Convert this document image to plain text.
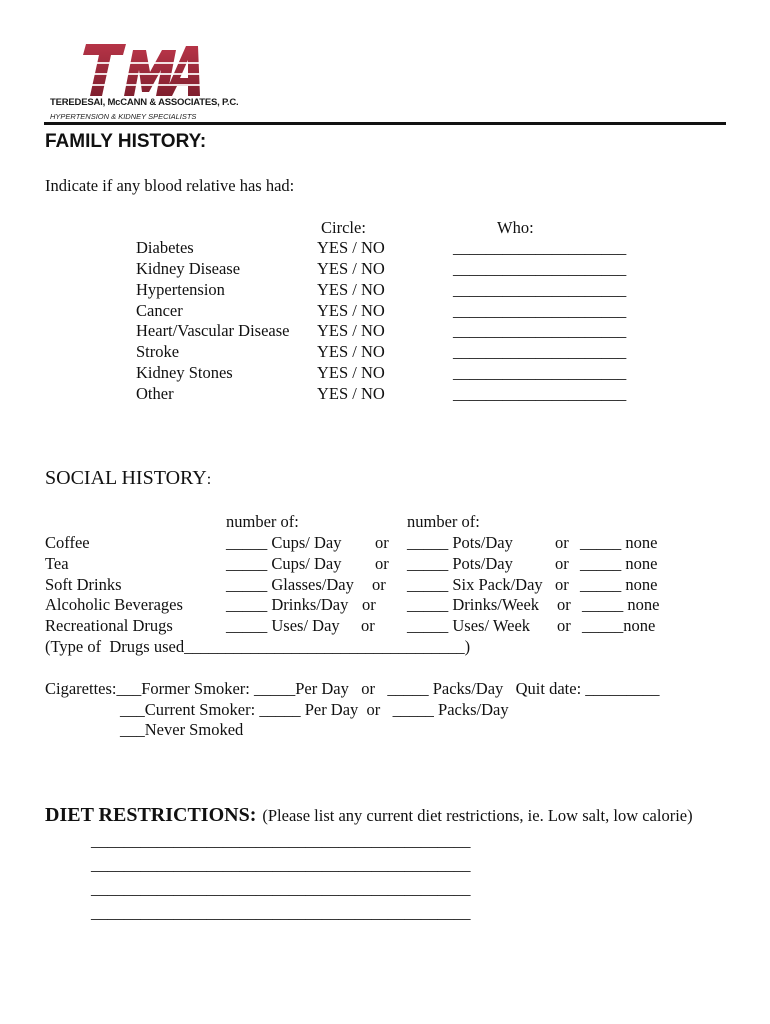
TEREDESAI, McCANN & ASSOCIATES, P.C.
HYPERTENSION & KIDNEY SPECIALISTS
FAMILY HISTORY:
Indicate if any blood relative has had:
Circle:	Who:
Diabetes	YES / NO	_____________________
Kidney Disease	YES / NO	_____________________
Hypertension	YES / NO	_____________________
Cancer	YES / NO	_____________________
Heart/Vascular Disease YES / NO	_____________________
Stroke	YES / NO	_____________________
Kidney Stones	YES / NO	_____________________
Other	YES / NO	_____________________
SOCIAL HISTORY:
number of:	number of:
Coffee	_____ Cups/ Day or _____ Pots/Day	or _____ none
Tea	_____ Cups/ Day or _____ Pots/Day	or _____ none
Soft Drinks	_____ Glasses/Day or _____ Six Pack/Day or _____ none
Alcoholic Beverages	_____ Drinks/Day or _____ Drinks/Week or _____ none
Recreational Drugs	_____ Uses/ Day or _____ Uses/ Week or _____none
(Type of  Drugs used__________________________________)
Cigarettes:___Former Smoker: _____Per Day   or   _____ Packs/Day   Quit date: _________
___Current Smoker: _____ Per Day  or   _____ Packs/Day
___Never Smoked
DIET RESTRICTIONS: (Please list any current diet restrictions, ie. Low salt, low calorie)
______________________________________________
______________________________________________
______________________________________________
______________________________________________
